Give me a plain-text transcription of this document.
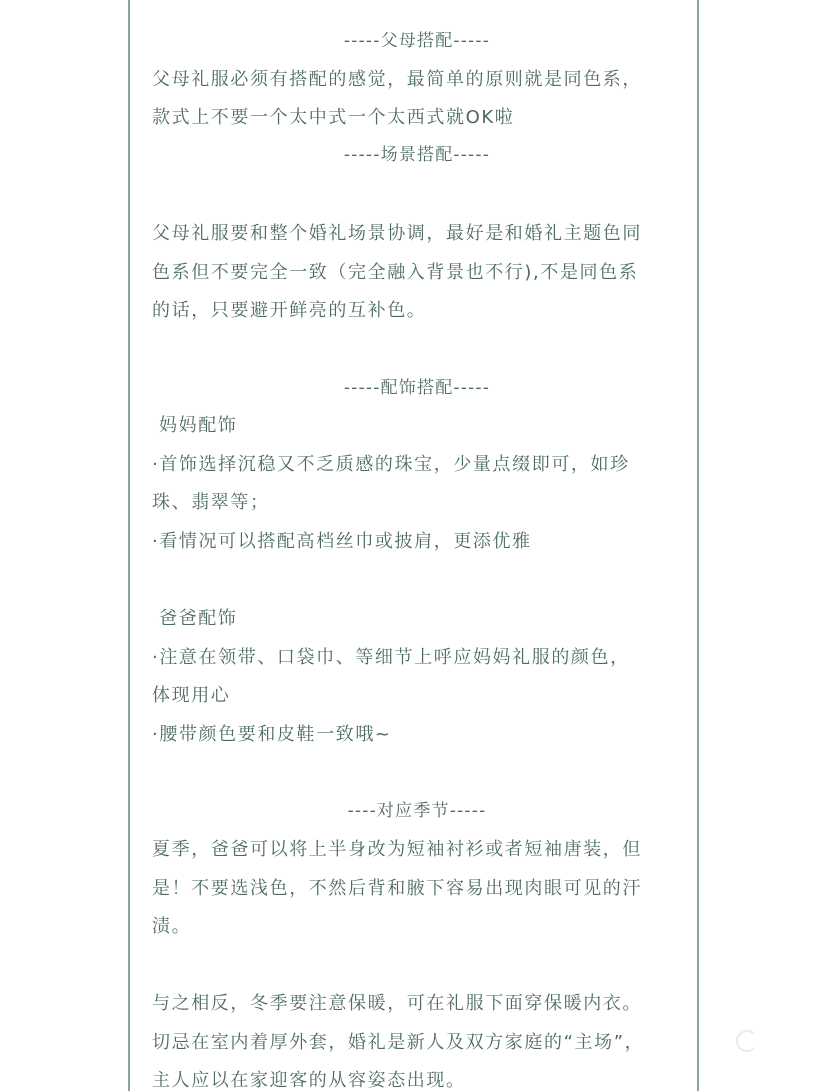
-----父母搭配-----
父母礼服必须有搭配的感觉，最简单的原则就是同色系，
款式上不要一个太中式一个太西式就OK啦
-----场景搭配-----
父母礼服要和整个婚礼场景协调，最好是和婚礼主题色同
色系但不要完全一致（完全融入背景也不行),不是同色系
的话，只要避开鲜亮的互补色。
-----配饰搭配-----
妈妈配饰
·首饰选择沉稳又不乏质感的珠宝，少量点缀即可，如珍
珠、翡翠等；
·看情况可以搭配高档丝巾或披肩，更添优雅
爸爸配饰
·注意在领带、口袋巾、等细节上呼应妈妈礼服的颜色，
体现用心
·腰带颜色要和皮鞋一致哦~
----对应季节-----
夏季，爸爸可以将上半身改为短袖衬衫或者短袖唐装，但
是！不要选浅色，不然后背和腋下容易出现肉眼可见的汗
渍。
与之相反，冬季要注意保暖，可在礼服下面穿保暖内衣。
切忌在室内着厚外套，婚礼是新人及双方家庭的“主场”，
主人应以在家迎客的从容姿态出现。
